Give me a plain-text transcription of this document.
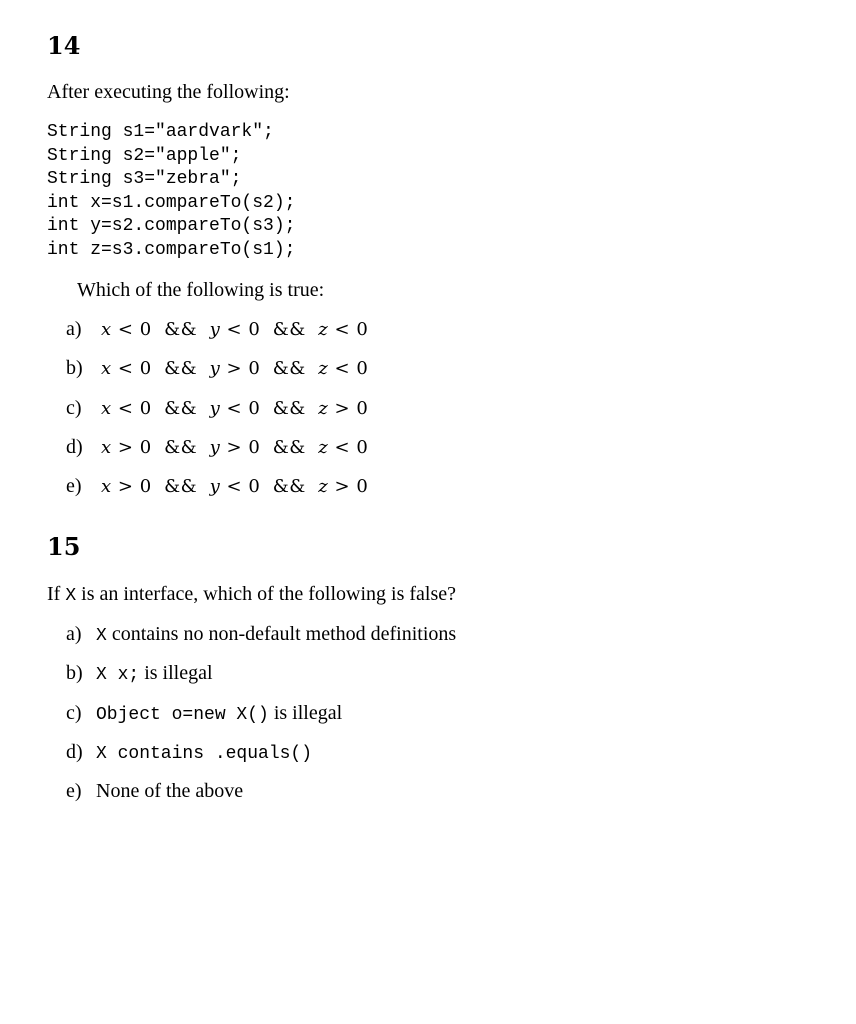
14
After executing the following:
String s1="aardvark";
String s2="apple";
String s3="zebra";
int x=s1.compareTo(s2);
int y=s2.compareTo(s3);
int z=s3.compareTo(s1);
Which of the following is true:
a) x < 0 && y < 0 && z < 0
b) x < 0 && y > 0 && z < 0
c) x < 0 && y < 0 && z > 0
d) x > 0 && y > 0 && z < 0
e) x > 0 && y < 0 && z > 0
15
If X is an interface, which of the following is false?
a) X contains no non-default method definitions
b) X x; is illegal
c) Object o=new X() is illegal
d) X contains .equals()
e) None of the above
